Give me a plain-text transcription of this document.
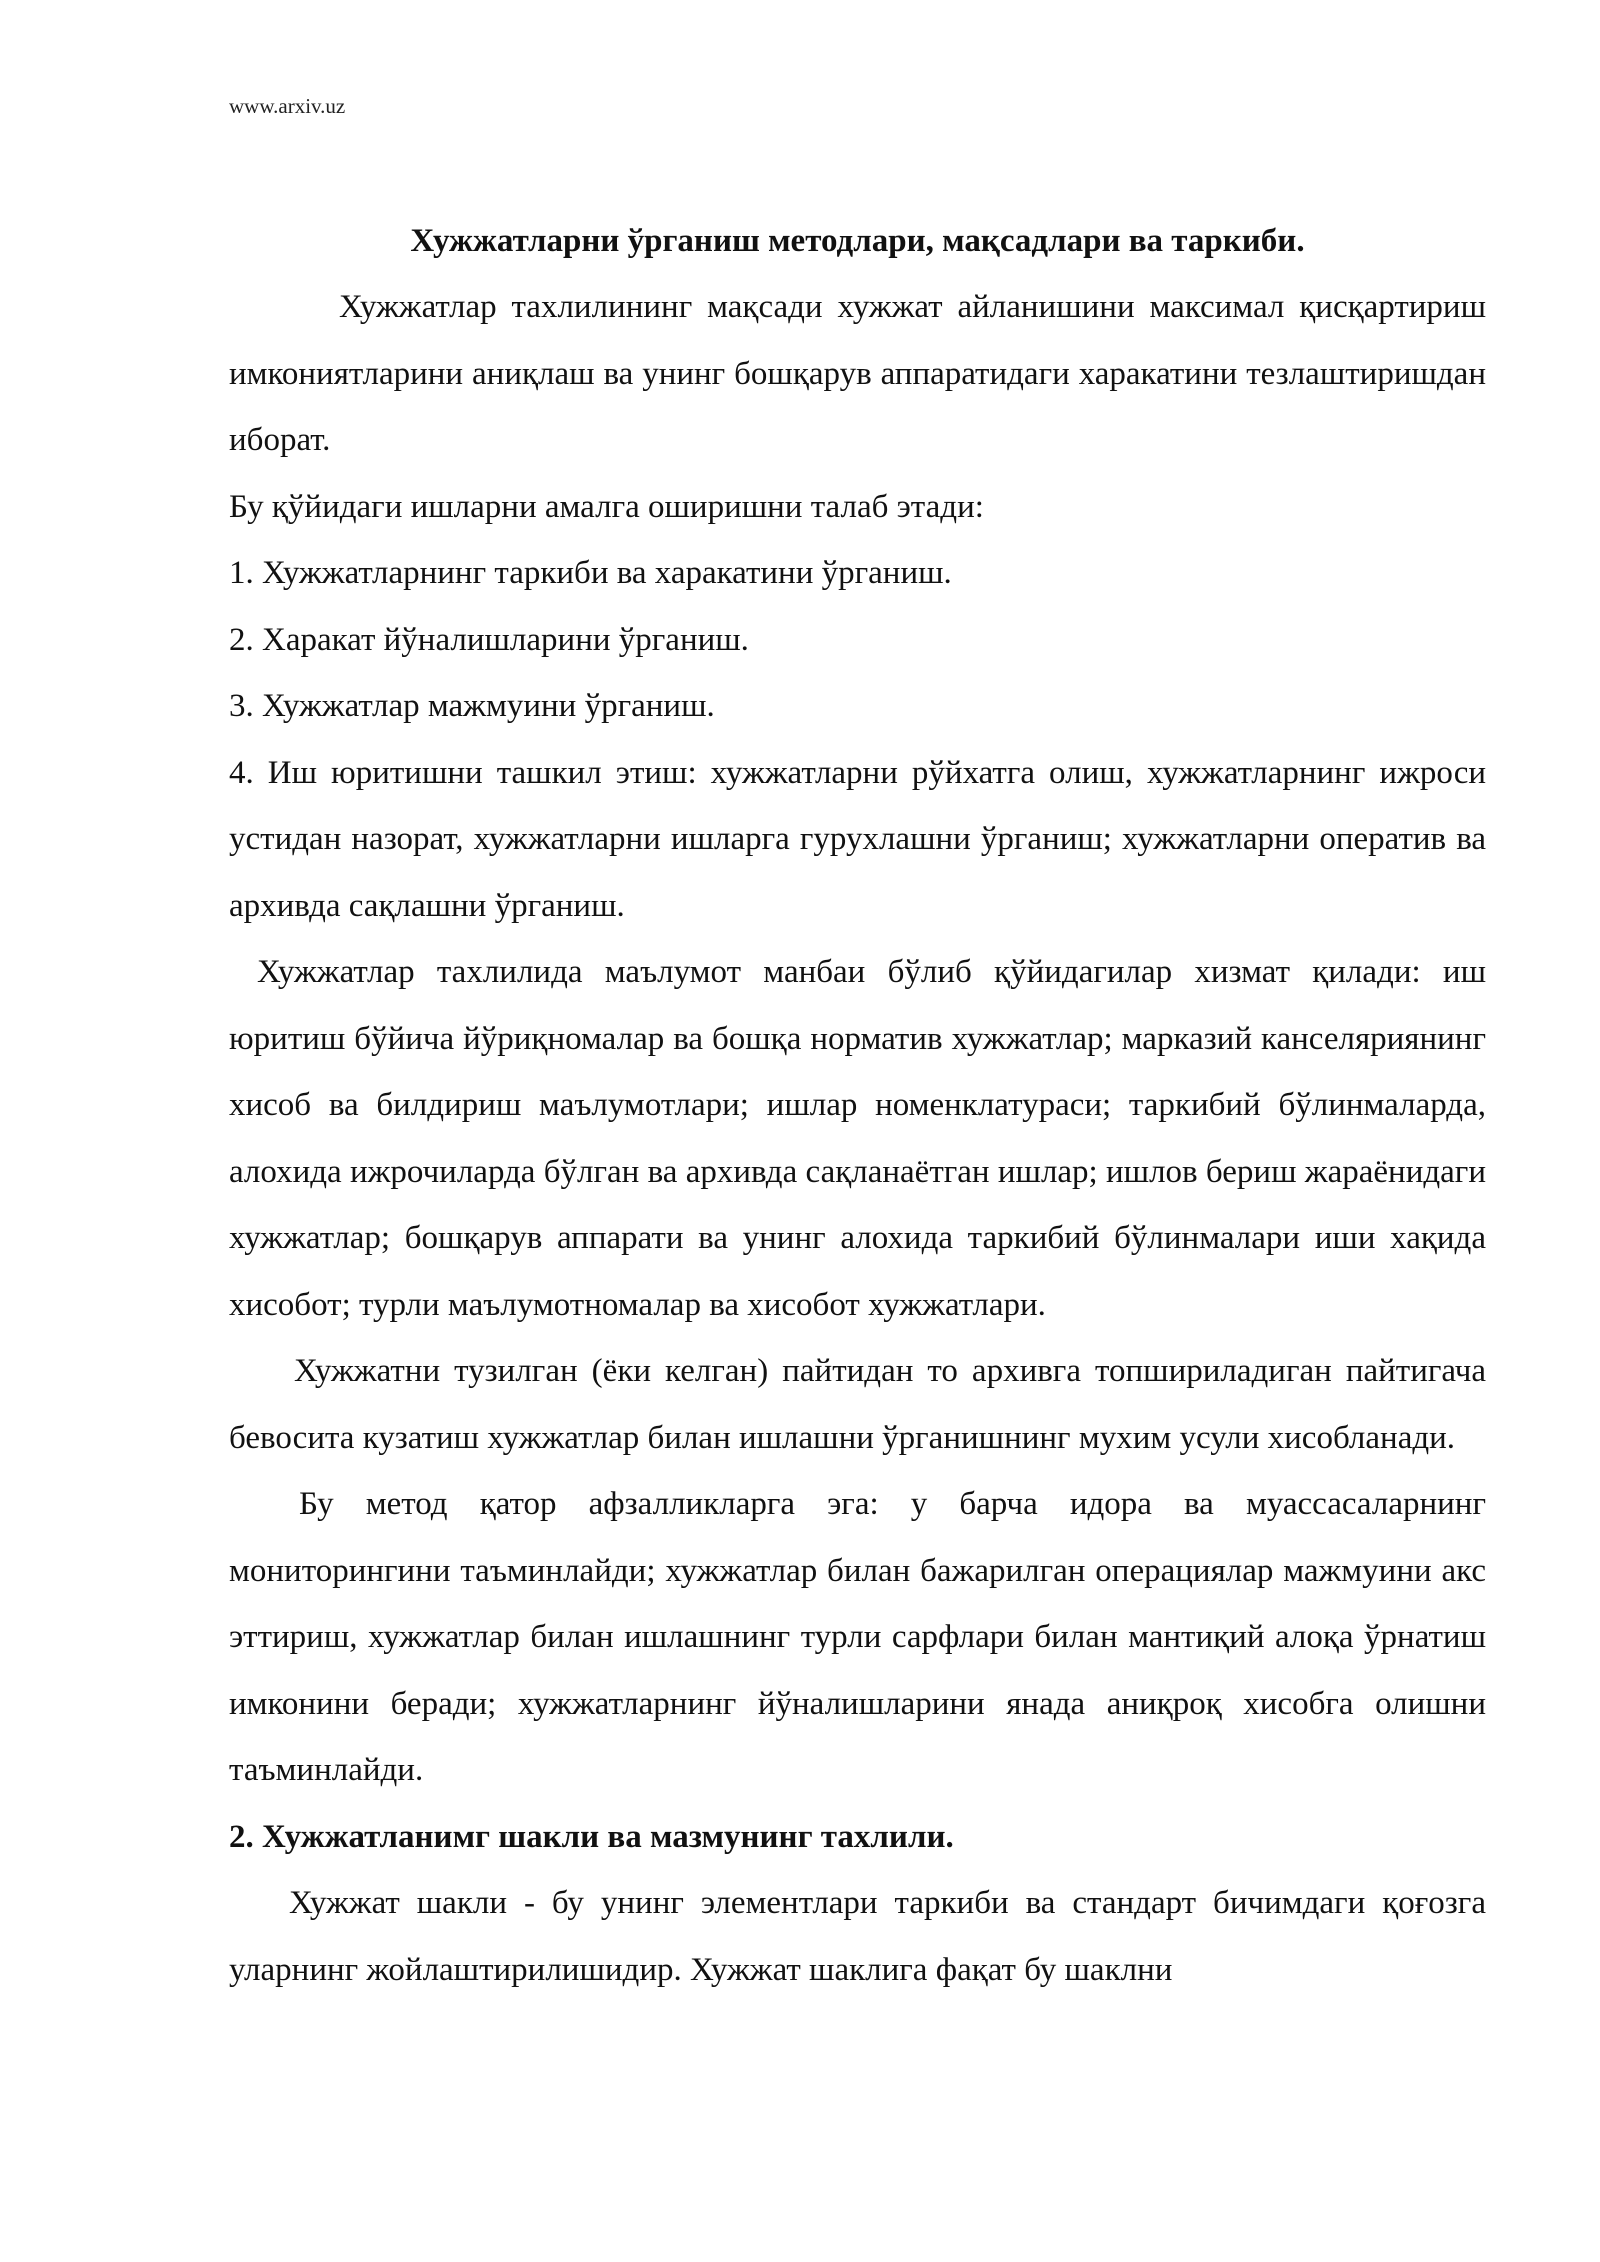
www.arxiv.uz

Хужжатларни ўрганиш методлари, мақсадлари ва таркиби.

Хужжатлар тахлилининг мақсади хужжат айланишини максимал қисқартириш имкониятларини аниқлаш ва унинг бошқарув аппаратидаги харакатини тезлаштиришдан иборат.

Бу қўйидаги ишларни амалга оширишни талаб этади:

1. Хужжатларнинг таркиби ва харакатини ўрганиш.

2. Харакат йўналишларини ўрганиш.

3. Хужжатлар мажмуини ўрганиш.

4. Иш юритишни ташкил этиш: хужжатларни рўйхатга олиш, хужжатларнинг ижроси устидан назорат, хужжатларни ишларга гурухлашни ўрганиш; хужжатларни оператив ва архивда сақлашни ўрганиш.

Хужжатлар тахлилида маълумот манбаи бўлиб қўйидагилар хизмат қилади: иш юритиш бўйича йўриқномалар ва бошқа норматив хужжатлар; марказий канселяриянинг хисоб ва билдириш маълумотлари; ишлар номенклатураси; таркибий бўлинмаларда, алохида ижрочиларда бўлган ва архивда сақланаётган ишлар; ишлов бериш жараёнидаги хужжатлар; бошқарув аппарати ва унинг алохида таркибий бўлинмалари иши хақида хисобот; турли маълумотномалар ва хисобот хужжатлари.

Хужжатни тузилган (ёки келган) пайтидан то архивга топшириладиган пайтигача бевосита кузатиш хужжатлар билан ишлашни ўрганишнинг мухим усули хисобланади.

Бу метод қатор афзалликларга эга: у барча идора ва муассасаларнинг мониторингини таъминлайди; хужжатлар билан бажарилган операциялар мажмуини акс эттириш, хужжатлар билан ишлашнинг турли сарфлари билан мантиқий алоқа ўрнатиш имконини беради; хужжатларнинг йўналишларини янада аниқроқ хисобга олишни таъминлайди.

2. Хужжатланимг шакли ва мазмунинг тахлили.

Хужжат шакли - бу унинг элементлари таркиби ва стандарт бичимдаги қоғозга уларнинг жойлаштирилишидир. Хужжат шаклига фақат бу шаклни
